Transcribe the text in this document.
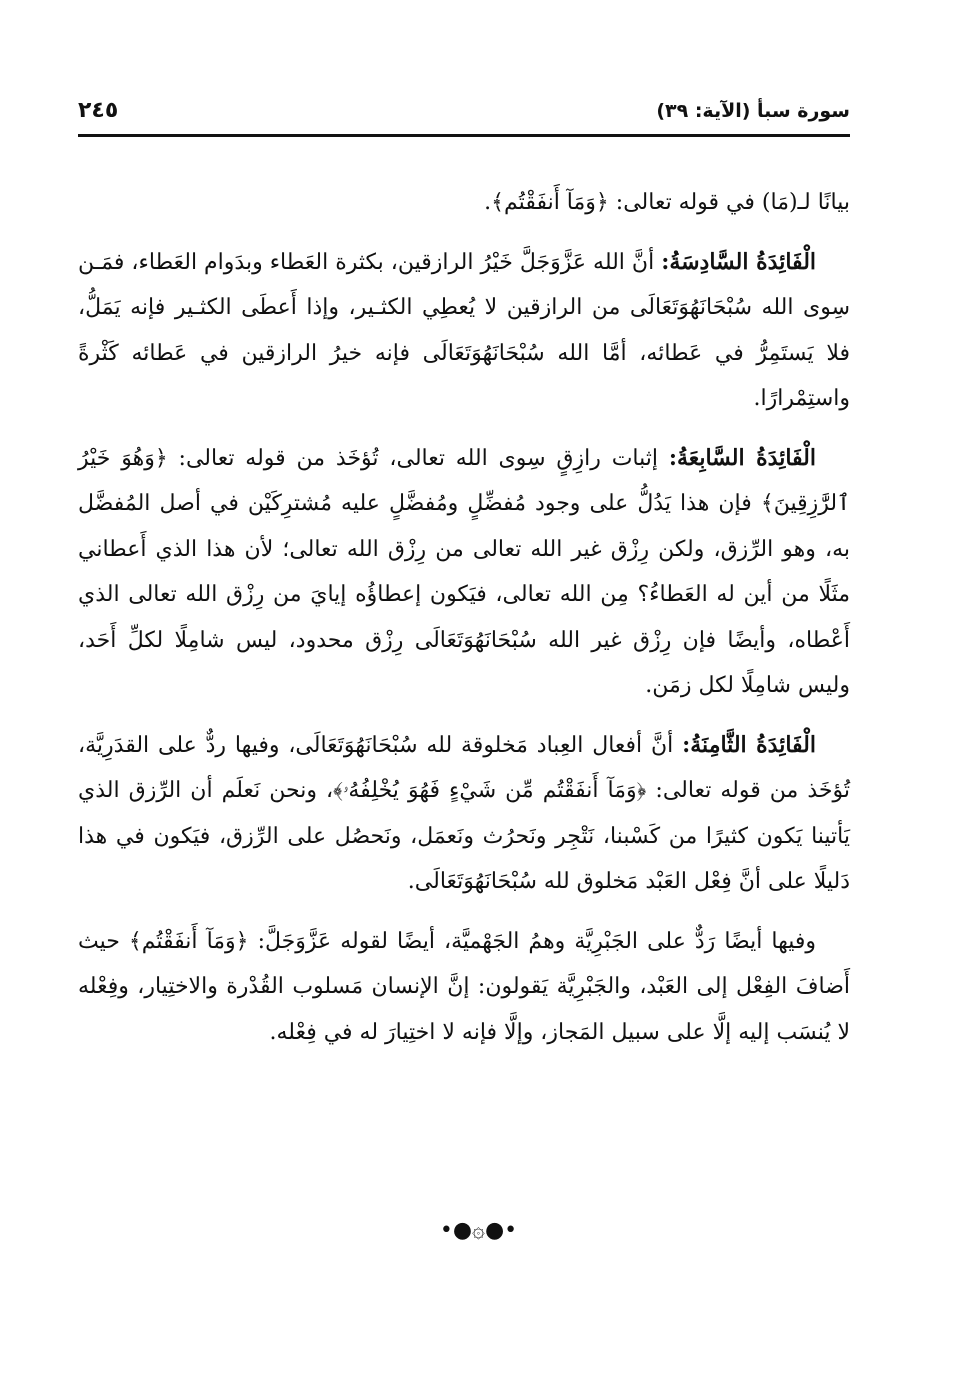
سورة سبأ (الآية: ٣٩)
٢٤٥

بيانًا لـ(مَا) في قوله تعالى: ﴿وَمَآ أَنفَقْتُم﴾.

الْفَائِدَةُ السَّادِسَةُ: أنَّ الله عَزَّوَجَلَّ خَيْرُ الرازقين، بكثرة العَطاء وبدَوام العَطاء، فمَـن سِوى الله سُبْحَانَهُوَتَعَالَى من الرازقين لا يُعطِي الكثـير، وإذا أَعطَى الكثـير فإنه يَمَلُّ، فلا يَستَمِرُّ في عَطائه، أمَّا الله سُبْحَانَهُوَتَعَالَى فإنه خيرُ الرازقين في عَطائه كَثْرةً واستِمْرارًا.

الْفَائِدَةُ السَّابِعَةُ: إثبات رازِقٍ سِوى الله تعالى، تُؤخَذ من قوله تعالى: ﴿وَهُوَ خَيْرُ ٱلرَّٰزِقِينَ﴾ فإن هذا يَدُلُّ على وجود مُفضِّلٍ ومُفضَّلٍ عليه مُشترِكَيْن في أصل المُفضَّل به، وهو الرِّزق، ولكن رِزْق غير الله تعالى من رِزْق الله تعالى؛ لأن هذا الذي أَعطاني مثَلًا من أين له العَطاءُ؟ مِن الله تعالى، فيَكون إعطاؤُه إيايَ من رِزْق الله تعالى الذي أَعْطاه، وأيضًا فإن رِزْق غير الله سُبْحَانَهُوَتَعَالَى رِزْق محدود، ليس شامِلًا لكلِّ أَحَد، وليس شامِلًا لكل زمَن.

الْفَائِدَةُ الثَّامِنَةُ: أنَّ أفعال العِباد مَخلوقة لله سُبْحَانَهُوَتَعَالَى، وفيها ردٌّ على القدَرِيَّة، تُؤخَذ من قوله تعالى: ﴿وَمَآ أَنفَقْتُم مِّن شَيْءٍ فَهُوَ يُخْلِفُهُۥ﴾، ونحن نَعلَم أن الرِّزق الذي يَأتينا يَكون كثيرًا من كَسْبنا، نَتْجِر ونَحرُث ونَعمَل، ونَحصُل على الرِّزق، فيَكون في هذا دَليلًا على أنَّ فِعْل العَبْد مَخلوق لله سُبْحَانَهُوَتَعَالَى.

وفيها أيضًا رَدٌّ على الجَبْرِيَّة وهمُ الجَهْميَّة، أيضًا لقوله عَزَّوَجَلَّ: ﴿وَمَآ أَنفَقْتُم﴾ حيث أَضافَ الفِعْل إلى العَبْد، والجَبْرِيَّة يَقولون: إنَّ الإنسان مَسلوب القُدْرة والاختِيار، وفِعْله لا يُنسَب إليه إلَّا على سبيل المَجاز، وإلَّا فإنه لا اختِيارَ له في فِعْله.

•●۞●•
